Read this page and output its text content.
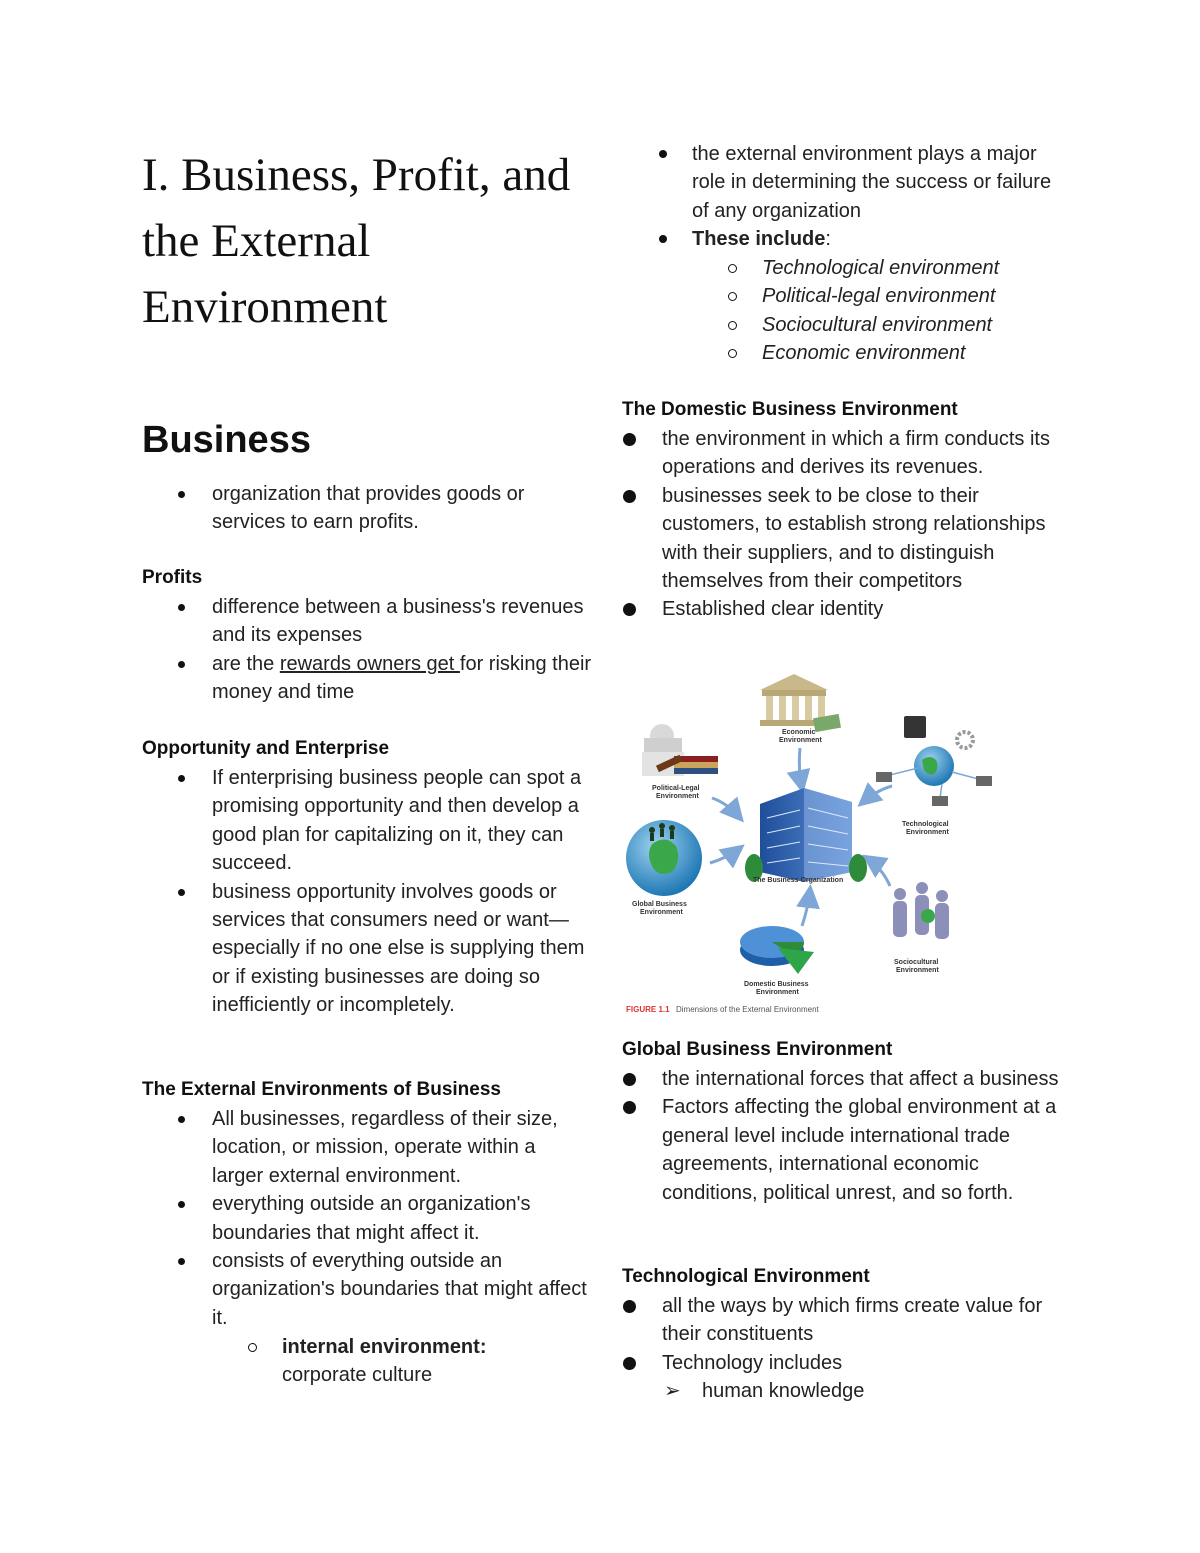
I. Business, Profit, and the External Environment
Business
organization that provides goods or services to earn profits.
Profits
difference between a business's revenues and its expenses
are the rewards owners get for risking their money and time
Opportunity and Enterprise
If enterprising business people can spot a promising opportunity and then develop a good plan for capitalizing on it, they can succeed.
business opportunity involves goods or services that consumers need or want—especially if no one else is supplying them or if existing businesses are doing so inefficiently or incompletely.
The External Environments of Business
All businesses, regardless of their size, location, or mission, operate within a larger external environment.
everything outside an organization's boundaries that might affect it.
consists of everything outside an organization's boundaries that might affect it.
internal environment:
corporate culture
the external environment plays a major role in determining the success or failure of any organization
These include:
Technological environment
Political-legal environment
Sociocultural environment
Economic environment
The Domestic Business Environment
the environment in which a firm conducts its operations and derives its revenues.
businesses seek to be close to their customers, to establish strong relationships with their suppliers, and to distinguish themselves from their competitors
Established clear identity
Global Business Environment
the international forces that affect a business
Factors affecting the global environment at a general level include international trade agreements, international economic conditions, political unrest, and so forth.
Technological Environment
all the ways by which firms create value for their constituents
Technology includes
➢ human knowledge
Economic
Environment
Political-Legal
Environment
Technological
Environment
Global Business
Environment
The Business Organization
Sociocultural
Environment
Domestic Business
Environment
FIGURE 1.1 Dimensions of the External Environment
